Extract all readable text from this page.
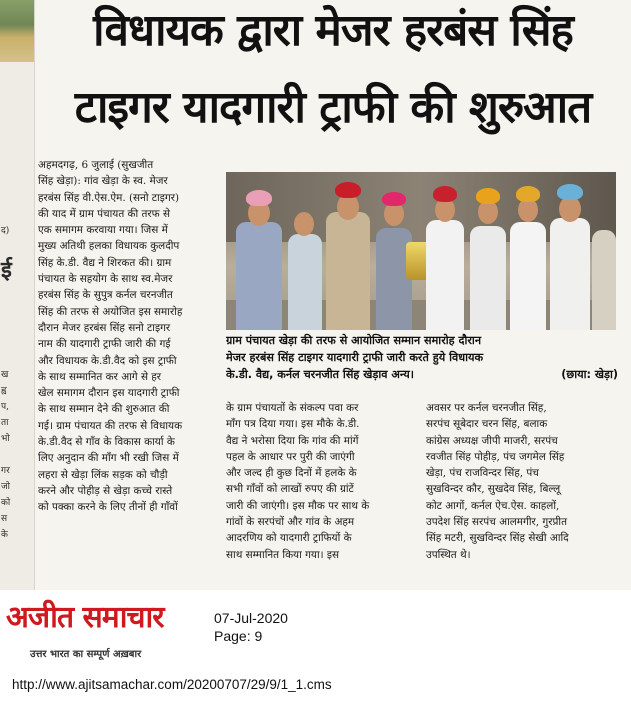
द)
ई
ख
ह्व
प,
ता
भो
गर
जो
को
स
के
विधायक द्वारा मेजर हरबंस सिंह
टाइगर यादगारी ट्राफी की शुरुआत

अहमदगढ़, 6 जुलाई (सुखजीत

सिंह खेड़ा): गांव खेड़ा के स्व. मेजर

हरबंस सिंह वी.ऐस.ऐम. (सनो टाइगर)

की याद में ग्राम पंचायत की तरफ से

एक समागम करवाया गया। जिस में

मुख्य अतिथी हलका विधायक कुलदीप

सिंह के.डी. वैद्य ने शिरकत की। ग्राम

पंचायत के सहयोग के साथ स्व.मेजर

हरबंस सिंह के सुपुत्र कर्नल चरनजीत

सिंह की तरफ से अयोजित इस समारोह

दौरान मेजर हरबंस सिंह सनो टाइगर

नाम की यादगारी ट्राफी जारी की गई

और विधायक के.डी.वैद को इस ट्राफी

के साथ सम्मानित कर आगे से हर

खेल समागम दौरान इस यादगारी ट्राफी

के साथ सम्मान देने की शुरुआत की

गई। ग्राम पंचायत की तरफ से विधायक

के.डी.वैद से गाँव के विकास कार्या के

लिए अनुदान की माँग भी रखी जिस में

लहरा से खेड़ा लिंक सड़क को चौड़ी

करने और पोहीड़ से खेड़ा कच्चे रास्ते

को पक्का करने के लिए तीनों ही गाँवों

ग्राम पंचायत खेड़ा की तरफ से आयोजित सम्मान समारोह दौरान

मेजर हरबंस सिंह टाइगर यादगारी ट्राफी जारी करते हुये विधायक

के.डी. वैद्य, कर्नल चरनजीत सिंह खेड़ाव अन्य।	(छाया: खेड़ा)

के ग्राम पंचायतों के संकल्प पवा कर

माँग पत्र दिया गया। इस मौके के.डी.

वैद्य ने भरोसा दिया कि गांव की मांगें

पहल के आधार पर पुरी की जाएंगी

और जल्द ही कुछ दिनों में हलके के

सभी गाँवों को लाखों रुपए की ग्रांटें

जारी की जाएंगी। इस मौक पर साथ के

गांवों के सरपंचों और गांव के अहम

आदरणिय को यादगारी ट्राफियों के

साथ सम्मानित किया गया। इस

अवसर पर कर्नल चरनजीत सिंह,

सरपंच सूबेदार चरन सिंह, बलाक

कांग्रेस अध्यक्ष जीपी माजरी, सरपंच

रवजीत सिंह पोहीड़, पंच जगमेल सिंह

खेड़ा, पंच राजविन्दर सिंह, पंच

सुखविन्दर कौर, सुखदेव सिंह, बिल्लू

कोट आगों, कर्नल ऐच.ऐस. काहलों,

उपदेश सिंह सरपंच आलमगीर, गुरप्रीत

सिंह मटरी, सुखविन्दर सिंह सेखी आदि

उपस्थित थे।

अजीत समाचार
उत्तर भारत का सम्पूर्ण अख़बार
07-Jul-2020
Page: 9
http://www.ajitsamachar.com/20200707/29/9/1_1.cms
